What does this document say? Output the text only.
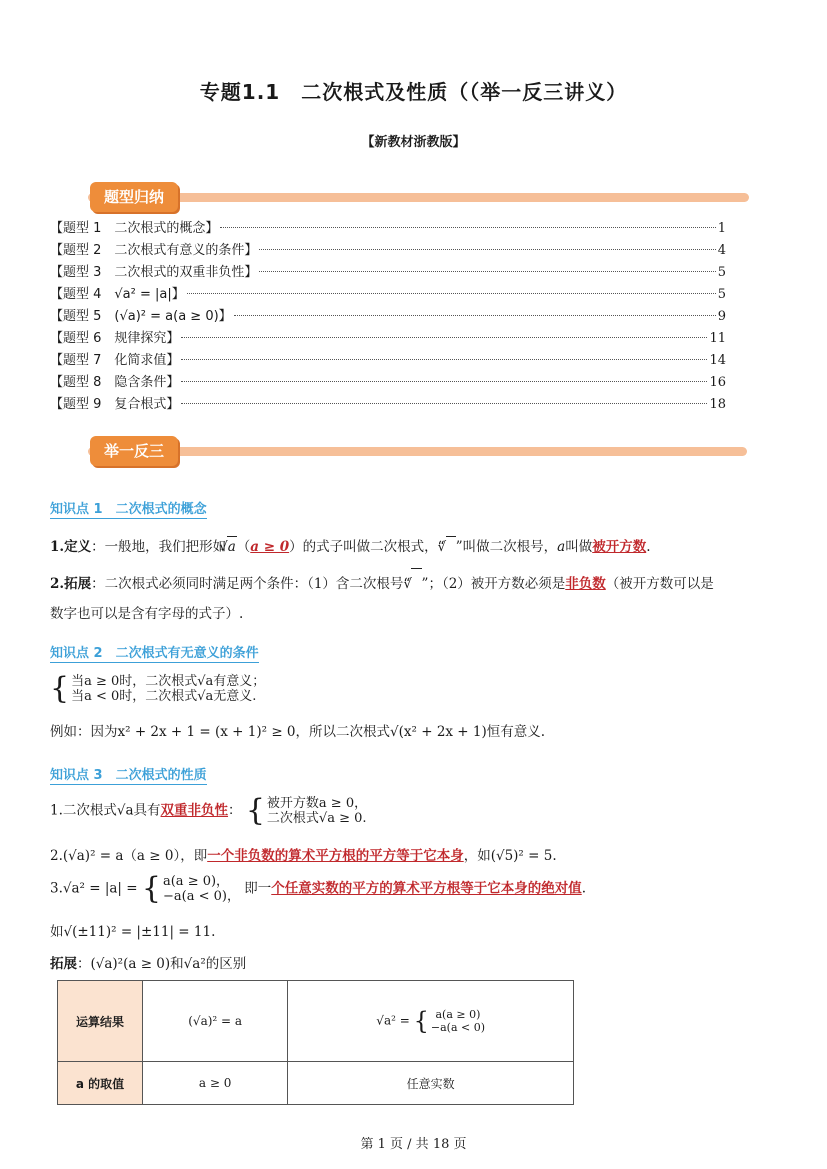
专题1.1　二次根式及性质（（举一反三讲义）
【新教材浙教版】
题型归纳
【题型 1　二次根式的概念】	1
【题型 2　二次根式有意义的条件】	4
【题型 3　二次根式的双重非负性】	5
【题型 4　√a² = |a|】	5
【题型 5　(√a)² = a(a ≥ 0)】	9
【题型 6　规律探究】	11
【题型 7　化简求值】	14
【题型 8　隐含条件】	16
【题型 9　复合根式】	18
举一反三
知识点 1　二次根式的概念
1.定义：一般地，我们把形如 √ a（a ≥ 0）的式子叫做二次根式，“ √ ”叫做二次根号，a叫做被开方数.
2.拓展：二次根式必须同时满足两个条件：（1）含二次根号“ √ ”；（2）被开方数必须是非负数（被开方数可以是
数字也可以是含有字母的式子）.
知识点 2　二次根式有无意义的条件
{ 当a ≥ 0时，二次根式√a有意义；
当a < 0时，二次根式√a无意义.
例如：因为x² + 2x + 1 = (x + 1)² ≥ 0，所以二次根式√(x² + 2x + 1)恒有意义.
知识点 3　二次根式的性质
1.二次根式√a具有双重非负性： { 被开方数a ≥ 0，
二次根式√a ≥ 0.
2.(√a)² = a（a ≥ 0），即一个非负数的算术平方根的平方等于它本身，如(√5)² = 5.
3.√a² = |a| = { a(a ≥ 0)，
−a(a < 0)， 即一个任意实数的平方的算术平方根等于它本身的绝对值.
如√(±11)² = |±11| = 11.
拓展：(√a)²(a ≥ 0)和√a²的区别
运算结果	(√a)² = a	√a² = { a(a ≥ 0)
−a(a < 0)

a 的取值	a ≥ 0	任意实数
第 1 页 / 共 18 页
